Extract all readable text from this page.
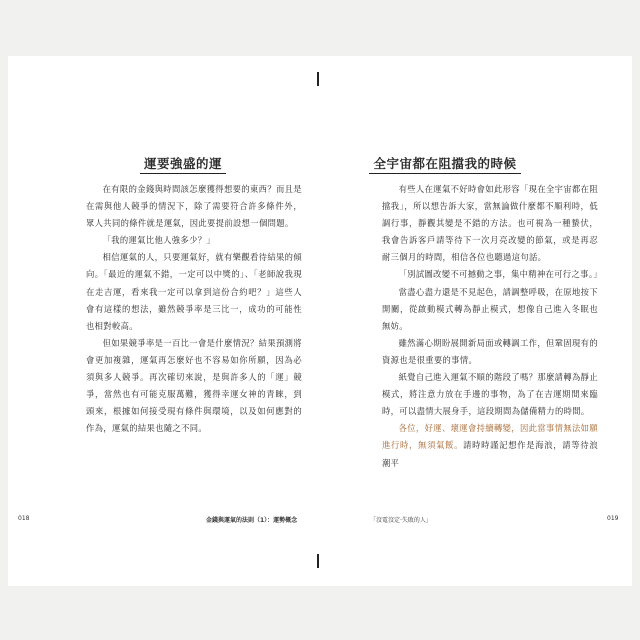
運要強盛的運

在有限的金錢與時間該怎麼獲得想要的東西？而且是在需與他人競爭的情況下，除了需要符合許多條件外，眾人共同的條件就是運氣，因此要提前設想一個問題。

「我的運氣比他人強多少？」

相信運氣的人，只要運氣好，就有樂觀看待結果的傾向。「最近的運氣不錯，一定可以中獎的」、「老師說我現在走吉運，看來我一定可以拿到這份合約吧？」這些人會有這樣的想法，雖然競爭率是三比一，成功的可能性也相對較高。

但如果競爭率是一百比一會是什麼情況？結果預測將會更加複雜，運氣再怎麼好也不容易如你所願，因為必須與多人競爭。再次確切來說，是與許多人的「運」競爭，當然也有可能克服萬難，獲得幸運女神的青睞，到頭來，根據如何接受現有條件與環境，以及如何應對的作為，運氣的結果也隨之不同。

018	金錢與運氣的法則（1）：運勢概念
全宇宙都在阻擋我的時候

有些人在運氣不好時會如此形容「現在全宇宙都在阻擋我」，所以想告訴大家，當無論做什麼都不順利時，低調行事，靜觀其變是不錯的方法。也可視為一種蟄伏，我會告訴客戶請等待下一次月亮改變的節氣，或是再忍耐三個月的時間，相信各位也聽過這句話。

「別試圖改變不可撼動之事，集中精神在可行之事。」

當盡心盡力還是不見起色，請調整呼吸，在原地按下開關，從啟動模式轉為靜止模式，想像自己進入冬眠也無妨。

雖然滿心期盼展開新局面或轉調工作，但鞏固現有的資源也是很重要的事情。

紙覺自己進入運氣不順的階段了嗎？那麼請轉為靜止模式，將注意力放在手邊的事物，為了在吉運期間來臨時，可以盡情大展身手，這段期間為儲備精力的時間。

各位，好運、壞運會持續轉變，因此當事情無法如願進行時，無須氣餒。請時時謹記想作是海浪，請等待浪潮平

「沒電沒定·失敗的人」	019
